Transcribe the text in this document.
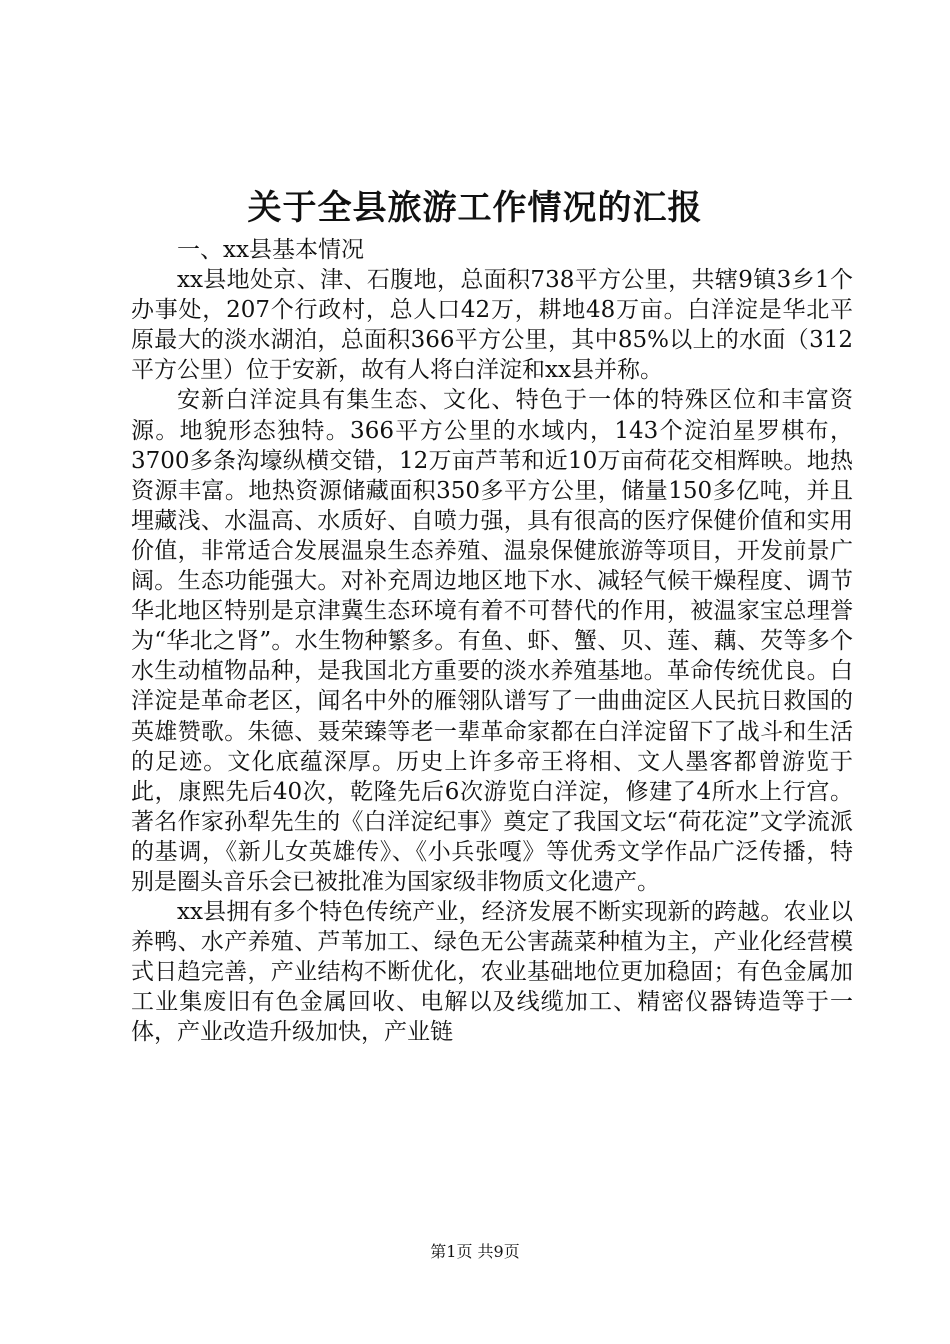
关于全县旅游工作情况的汇报

一、xx县基本情况

xx县地处京、津、石腹地，总面积738平方公里，共辖9镇3乡1个办事处，207个行政村，总人口42万，耕地48万亩。白洋淀是华北平原最大的淡水湖泊，总面积366平方公里，其中85%以上的水面（312平方公里）位于安新，故有人将白洋淀和xx县并称。

安新白洋淀具有集生态、文化、特色于一体的特殊区位和丰富资源。地貌形态独特。366平方公里的水域内，143个淀泊星罗棋布，3700多条沟壕纵横交错，12万亩芦苇和近10万亩荷花交相辉映。地热资源丰富。地热资源储藏面积350多平方公里，储量150多亿吨，并且埋藏浅、水温高、水质好、自喷力强，具有很高的医疗保健价值和实用价值，非常适合发展温泉生态养殖、温泉保健旅游等项目，开发前景广阔。生态功能强大。对补充周边地区地下水、减轻气候干燥程度、调节华北地区特别是京津冀生态环境有着不可替代的作用，被温家宝总理誉为“华北之肾”。水生物种繁多。有鱼、虾、蟹、贝、莲、藕、芡等多个水生动植物品种，是我国北方重要的淡水养殖基地。革命传统优良。白洋淀是革命老区，闻名中外的雁翎队谱写了一曲曲淀区人民抗日救国的英雄赞歌。朱德、聂荣臻等老一辈革命家都在白洋淀留下了战斗和生活的足迹。文化底蕴深厚。历史上许多帝王将相、文人墨客都曾游览于此，康熙先后40次，乾隆先后6次游览白洋淀，修建了4所水上行宫。著名作家孙犁先生的《白洋淀纪事》奠定了我国文坛“荷花淀”文学流派的基调，《新儿女英雄传》、《小兵张嘎》等优秀文学作品广泛传播，特别是圈头音乐会已被批准为国家级非物质文化遗产。

xx县拥有多个特色传统产业，经济发展不断实现新的跨越。农业以养鸭、水产养殖、芦苇加工、绿色无公害蔬菜种植为主，产业化经营模式日趋完善，产业结构不断优化，农业基础地位更加稳固；有色金属加工业集废旧有色金属回收、电解以及线缆加工、精密仪器铸造等于一体，产业改造升级加快，产业链

第1页 共9页
